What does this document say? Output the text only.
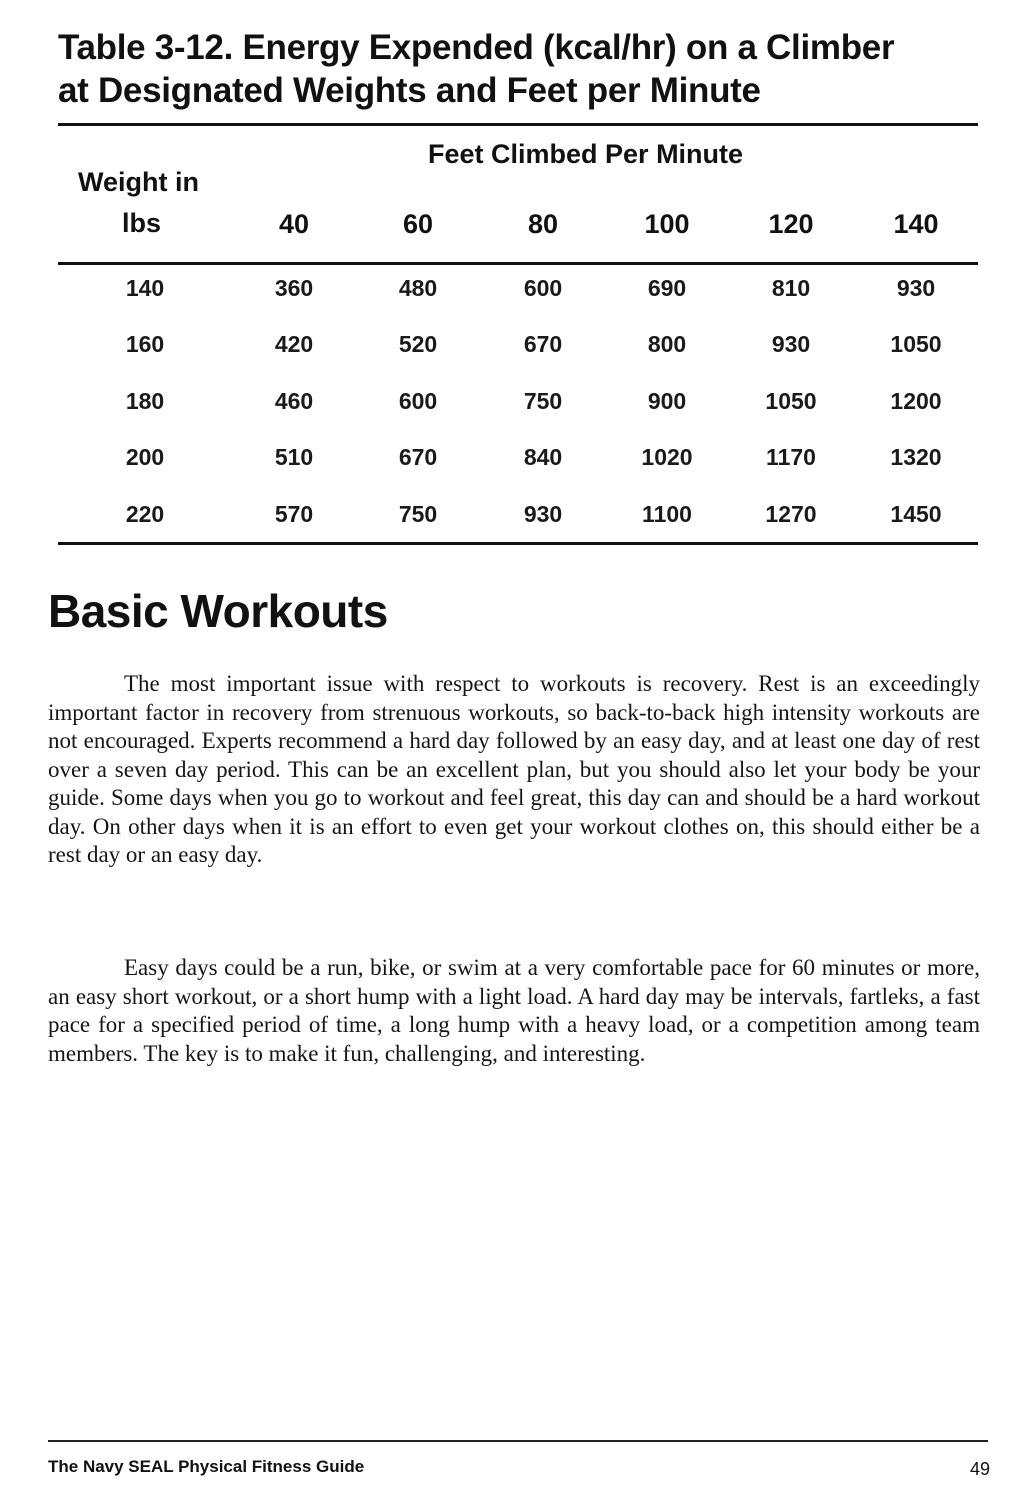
Table 3-12. Energy Expended (kcal/hr) on a Climber
at Designated Weights and Feet per Minute
Feet Climbed Per Minute
Weight in
lbs	40	60	80	100	120	140
140	360	480	600	690	810	930
160	420	520	670	800	930	1050
180	460	600	750	900	1050	1200
200	510	670	840	1020	1170	1320
220	570	750	930	1100	1270	1450
Basic Workouts

The most important issue with respect to workouts is recovery. Rest is an exceedingly important factor in recovery from strenuous workouts, so back-to-back high intensity workouts are not encouraged. Experts recommend a hard day followed by an easy day, and at least one day of rest over a seven day period. This can be an excellent plan, but you should also let your body be your guide. Some days when you go to workout and feel great, this day can and should be a hard workout day. On other days when it is an effort to even get your workout clothes on, this should either be a rest day or an easy day.

Easy days could be a run, bike, or swim at a very comfortable pace for 60 minutes or more, an easy short workout, or a short hump with a light load. A hard day may be intervals, fartleks, a fast pace for a specified period of time, a long hump with a heavy load, or a competition among team members. The key is to make it fun, challenging, and interesting.

The Navy SEAL Physical Fitness Guide	49
